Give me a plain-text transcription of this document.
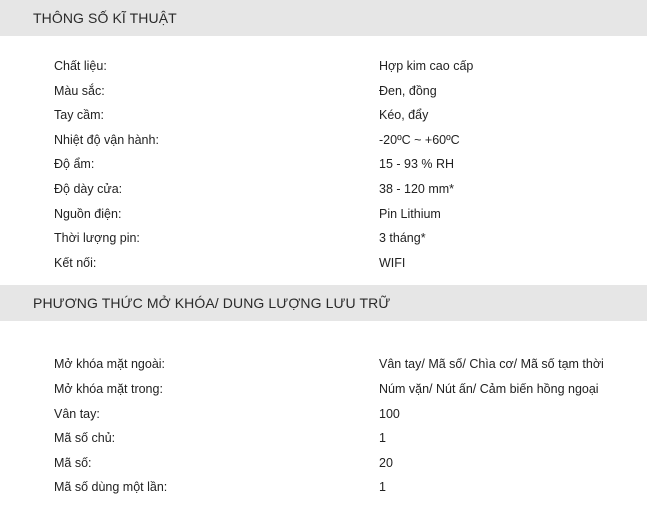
THÔNG SỐ KĨ THUẬT
Chất liệu:	Hợp kim cao cấp
Màu sắc:	Đen, đồng
Tay cầm:	Kéo, đẩy
Nhiệt độ vận hành:	-20ºC ~ +60ºC
Độ ẩm:	15 - 93 % RH
Độ dày cửa:	38 - 120 mm*
Nguồn điện:	Pin Lithium
Thời lượng pin:	3 tháng*
Kết nối:	WIFI
PHƯƠNG THỨC MỞ KHÓA/ DUNG LƯỢNG LƯU TRỮ
Mở khóa mặt ngoài:	Vân tay/ Mã số/ Chìa cơ/ Mã số tạm thời
Mở khóa mặt trong:	Núm vặn/ Nút ấn/ Cảm biến hồng ngoại
Vân tay:	100
Mã số chủ:	1
Mã số:	20
Mã số dùng một lần:	1
